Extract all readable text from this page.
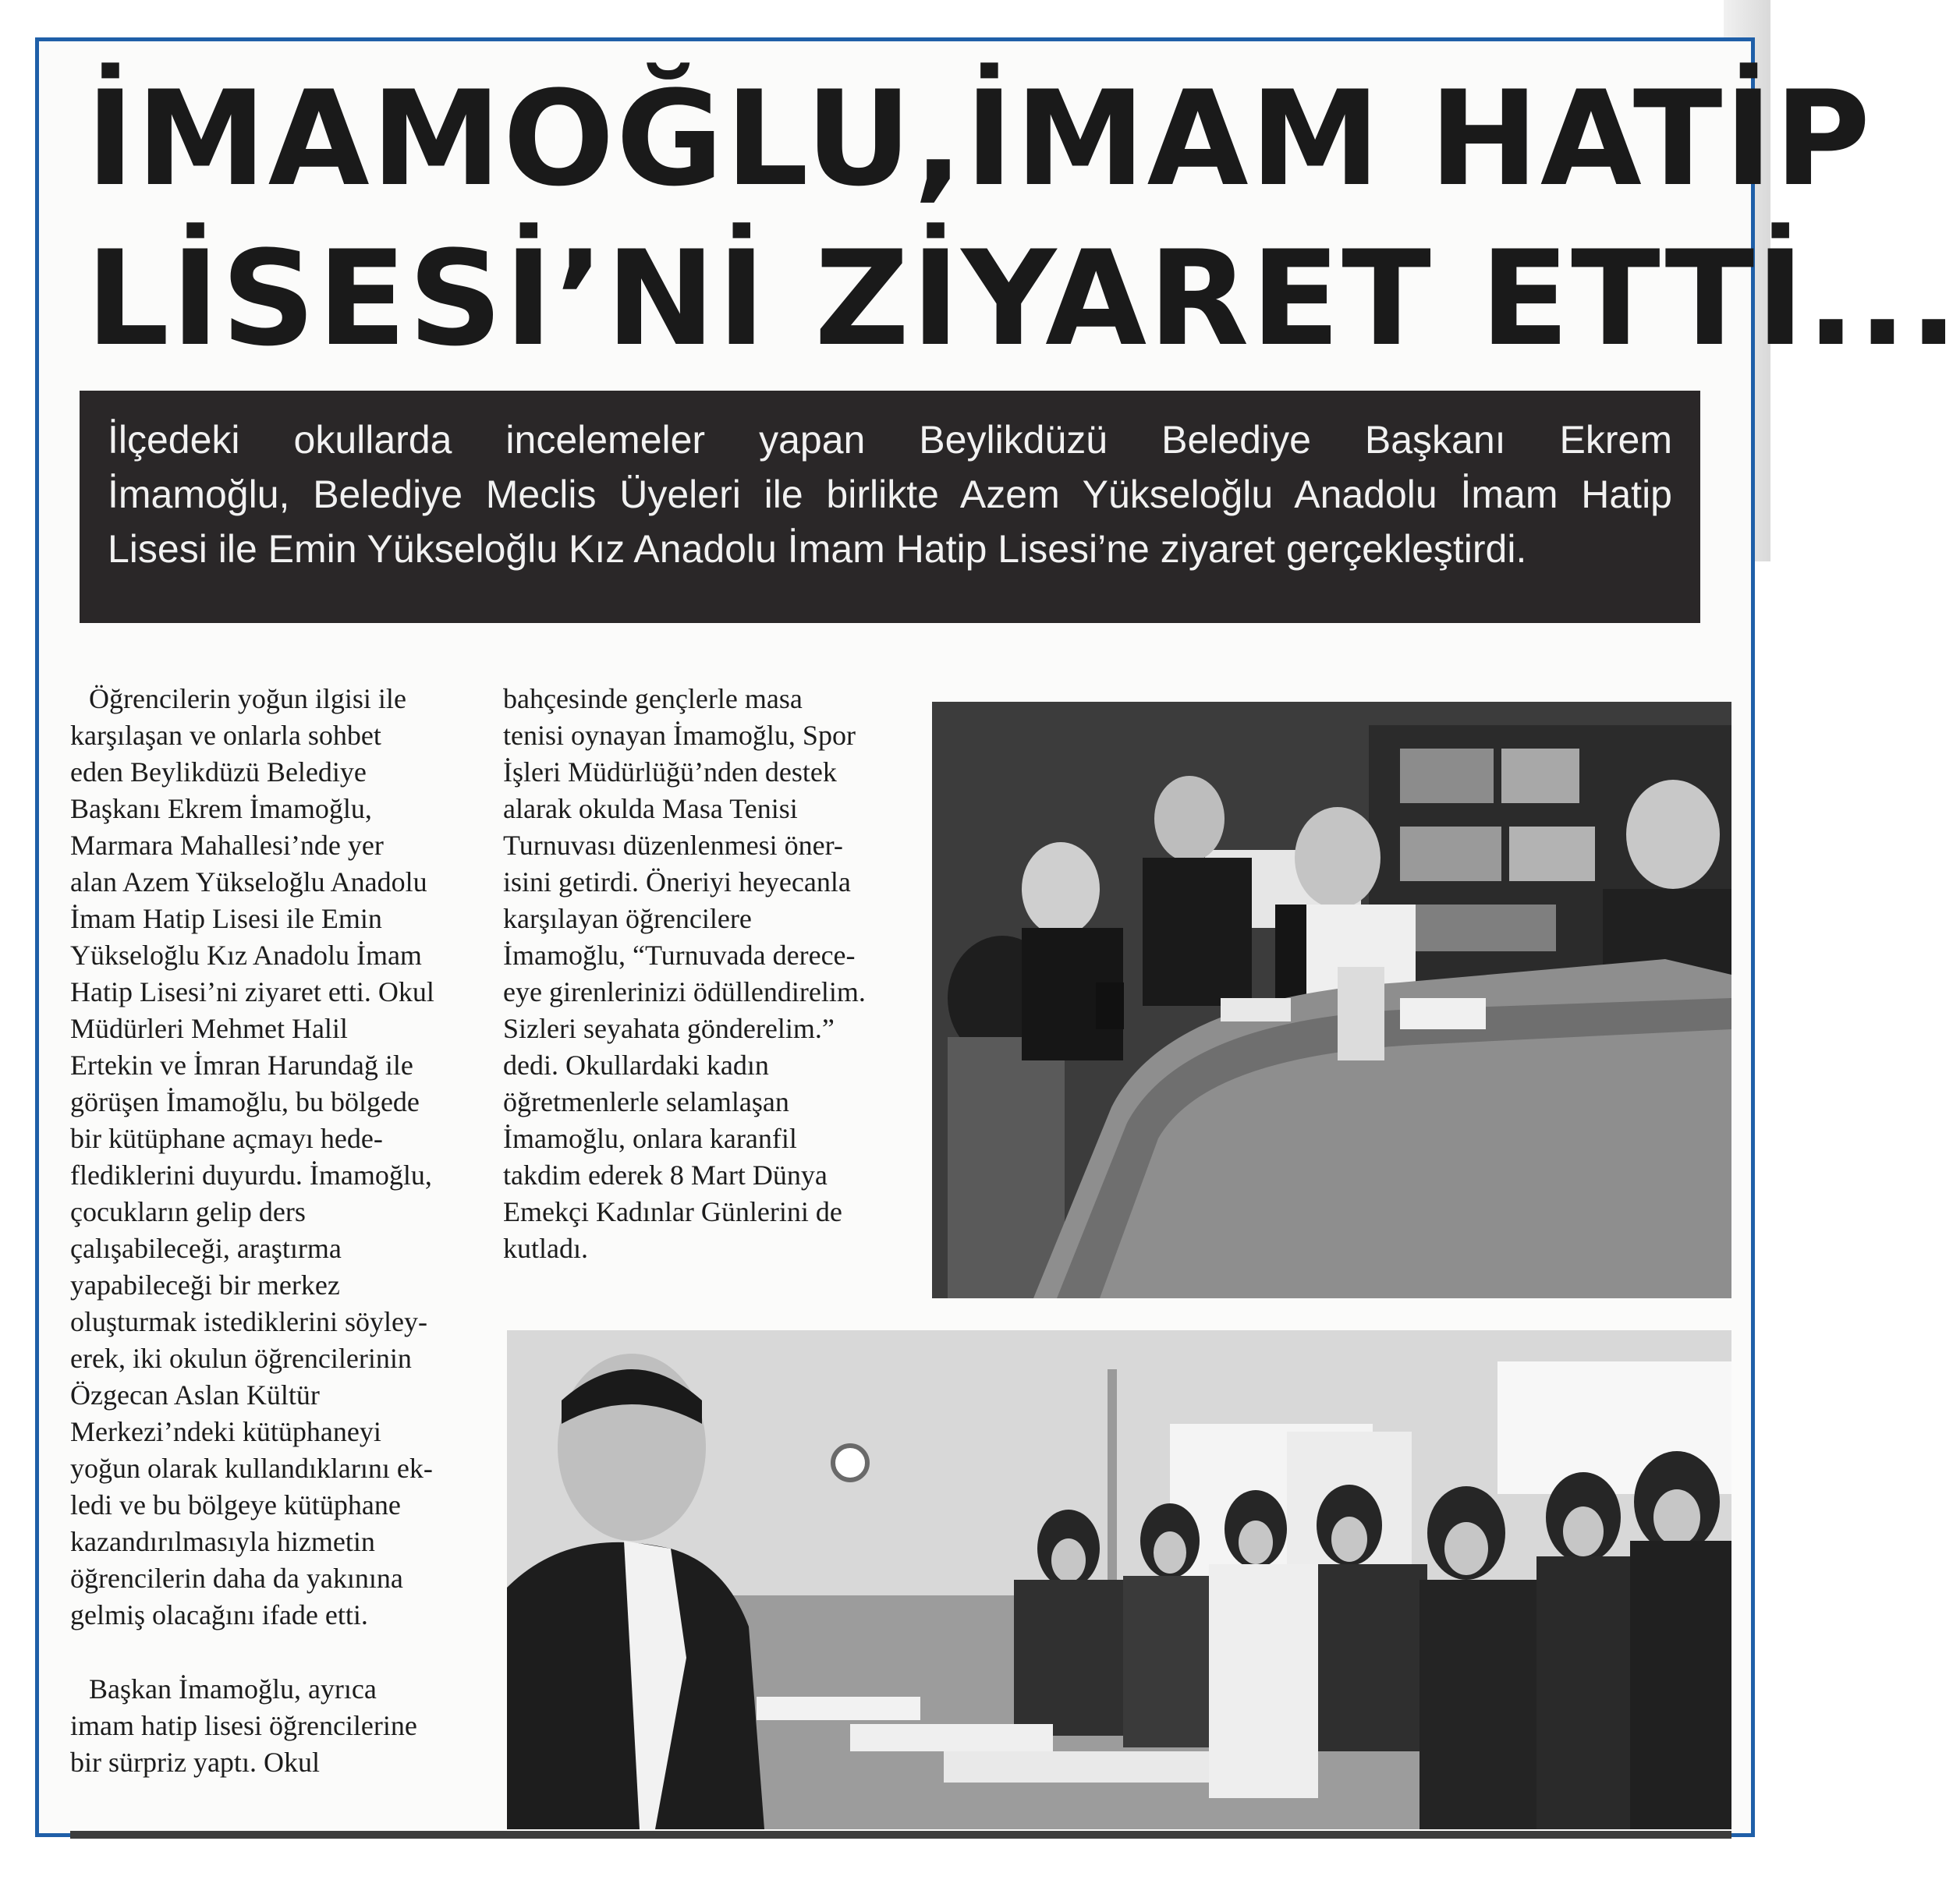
İMAMOĞLU,İMAM HATİP
LİSESİ’Nİ ZİYARET ETTİ...

İlçedeki okullarda incelemeler yapan Beylikdüzü Belediye Başkanı Ekrem

İmamoğlu, Belediye Meclis Üyeleri ile birlikte Azem Yükseloğlu Anadolu İmam Hatip

Lisesi ile Emin Yükseloğlu Kız Anadolu İmam Hatip Lisesi’ne ziyaret gerçekleştirdi.

Öğrencilerin yoğun ilgisi ile

karşılaşan ve onlarla sohbet

eden Beylikdüzü Belediye

Başkanı Ekrem İmamoğlu,

Marmara Mahallesi’nde yer

alan Azem Yükseloğlu Anadolu

İmam Hatip Lisesi ile Emin

Yükseloğlu Kız Anadolu İmam

Hatip Lisesi’ni ziyaret etti. Okul

Müdürleri Mehmet Halil

Ertekin ve İmran Harundağ ile

görüşen İmamoğlu, bu bölgede

bir kütüphane açmayı hede-

flediklerini duyurdu. İmamoğlu,

çocukların gelip ders

çalışabileceği, araştırma

yapabileceği bir merkez

oluşturmak istediklerini söyley-

erek, iki okulun öğrencilerinin

Özgecan Aslan Kültür

Merkezi’ndeki kütüphaneyi

yoğun olarak kullandıklarını ek-

ledi ve bu bölgeye kütüphane

kazandırılmasıyla hizmetin

öğrencilerin daha da yakınına

gelmiş olacağını ifade etti.

Başkan İmamoğlu, ayrıca

imam hatip lisesi öğrencilerine

bir sürpriz yaptı. Okul

bahçesinde gençlerle masa

tenisi oynayan İmamoğlu, Spor

İşleri Müdürlüğü’nden destek

alarak okulda Masa Tenisi

Turnuvası düzenlenmesi öner-

isini getirdi. Öneriyi heyecanla

karşılayan öğrencilere

İmamoğlu, “Turnuvada derece-

eye girenlerinizi ödüllendirelim.

Sizleri seyahata gönderelim.”

dedi. Okullardaki kadın

öğretmenlerle selamlaşan

İmamoğlu, onlara karanfil

takdim ederek 8 Mart Dünya

Emekçi Kadınlar Günlerini de

kutladı.
